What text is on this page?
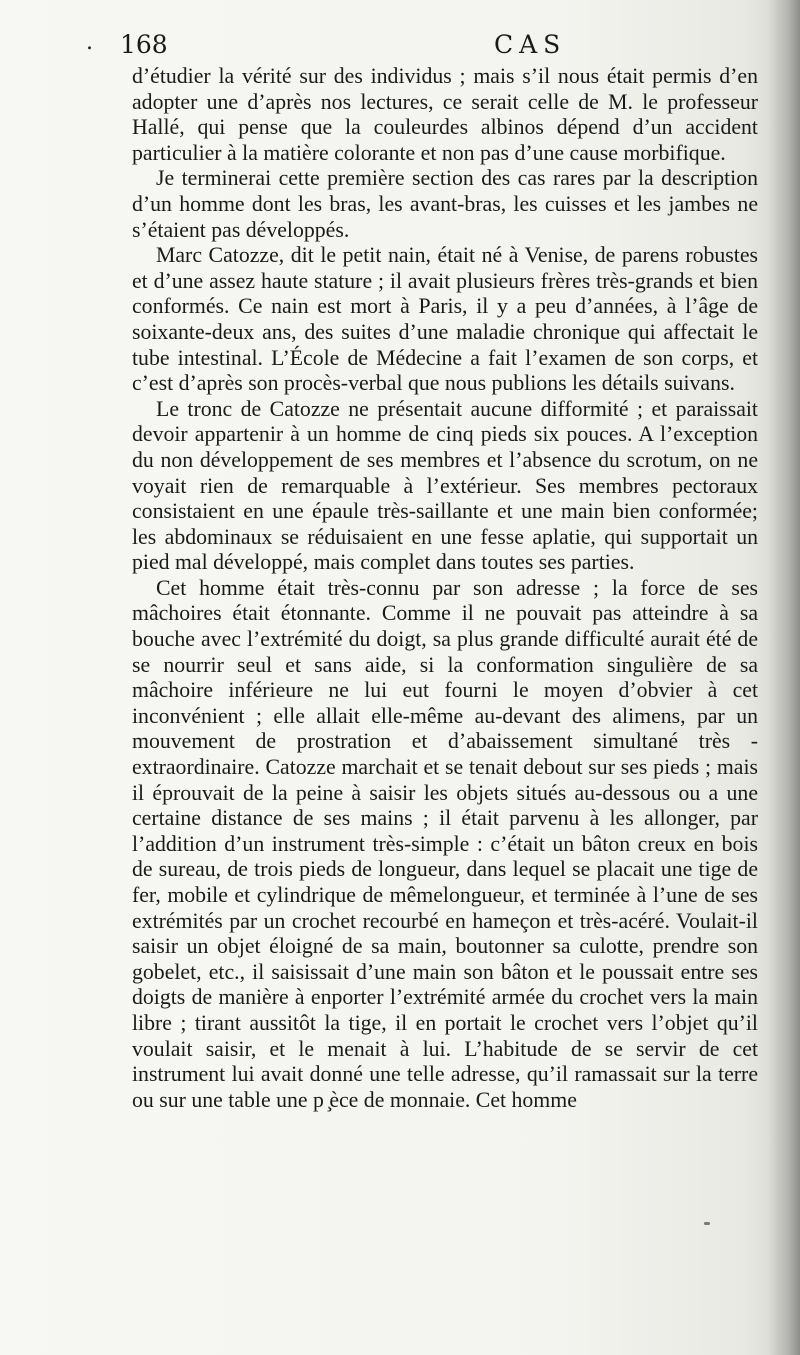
. 168	CAS

d’étudier la vérité sur des individus ; mais s’il nous était permis d’en adopter une d’après nos lectures, ce serait celle de M. le professeur Hallé, qui pense que la couleurdes albinos dépend d’un accident particulier à la matière colorante et non pas d’une cause morbifique.

Je terminerai cette première section des cas rares par la description d’un homme dont les bras, les avant-bras, les cuisses et les jambes ne s’étaient pas développés.

Marc Catozze, dit le petit nain, était né à Venise, de parens robustes et d’une assez haute stature ; il avait plusieurs frères très-grands et bien conformés. Ce nain est mort à Paris, il y a peu d’années, à l’âge de soixante-deux ans, des suites d’une maladie chronique qui affectait le tube intestinal. L’École de Médecine a fait l’examen de son corps, et c’est d’après son procès-verbal que nous publions les détails suivans.

Le tronc de Catozze ne présentait aucune difformité ; et paraissait devoir appartenir à un homme de cinq pieds six pouces. A l’exception du non développement de ses membres et l’absence du scrotum, on ne voyait rien de remarquable à l’extérieur. Ses membres pectoraux consistaient en une épaule très-saillante et une main bien conformée; les abdominaux se réduisaient en une fesse aplatie, qui supportait un pied mal développé, mais complet dans toutes ses parties.

Cet homme était très-connu par son adresse ; la force de ses mâchoires était étonnante. Comme il ne pouvait pas atteindre à sa bouche avec l’extrémité du doigt, sa plus grande difficulté aurait été de se nourrir seul et sans aide, si la conformation singulière de sa mâchoire inférieure ne lui eut fourni le moyen d’obvier à cet inconvénient ; elle allait elle-même au-devant des alimens, par un mouvement de prostration et d’abaissement simultané très - extraordinaire. Catozze marchait et se tenait debout sur ses pieds ; mais il éprouvait de la peine à saisir les objets situés au-dessous ou a une certaine distance de ses mains ; il était parvenu à les allonger, par l’addition d’un instrument très-simple : c’était un bâton creux en bois de sureau, de trois pieds de longueur, dans lequel se placait une tige de fer, mobile et cylindrique de mêmelongueur, et terminée à l’une de ses extrémités par un crochet recourbé en hameçon et très-acéré. Voulait-il saisir un objet éloigné de sa main, boutonner sa culotte, prendre son gobelet, etc., il saisissait d’une main son bâton et le poussait entre ses doigts de manière à enporter l’extrémité armée du crochet vers la main libre ; tirant aussitôt la tige, il en portait le crochet vers l’objet qu’il voulait saisir, et le menait à lui. L’habitude de se servir de cet instrument lui avait donné une telle adresse, qu’il ramassait sur la terre ou sur une table une p ̧èce de monnaie. Cet homme
